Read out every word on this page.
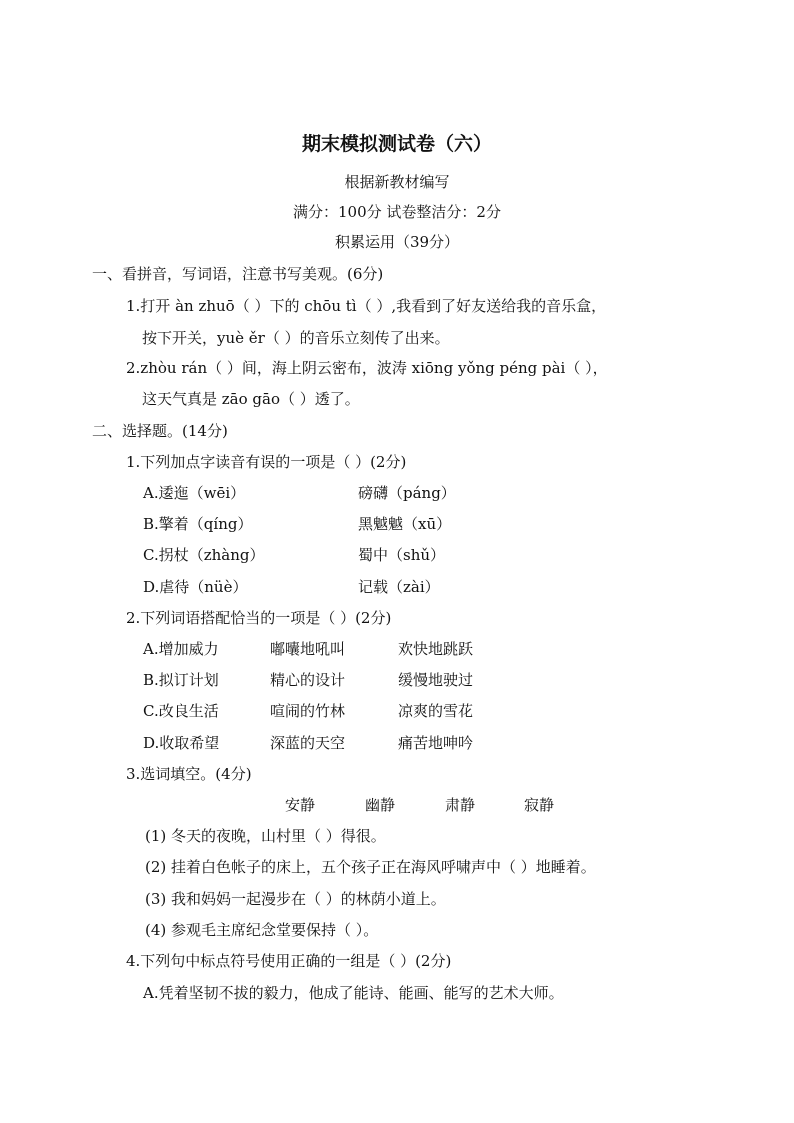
期末模拟测试卷（六）
根据新教材编写
满分：100分 试卷整洁分：2分
积累运用（39分）
一、看拼音，写词语，注意书写美观。(6分)
1.打开 àn zhuō（ ）下的 chōu tì（ ）,我看到了好友送给我的音乐盒，
按下开关，yuè ěr（ ）的音乐立刻传了出来。
2.zhòu rán（ ）间，海上阴云密布，波涛 xiōng yǒng péng pài（ ），
这天气真是 zāo gāo（ ）透了。
二、选择题。(14分)
1.下列加点字读音有误的一项是（ ）(2分)
A.逶迤（wēi）	磅礴（páng）
B.擎着（qíng）	黑魆魆（xū）
C.拐杖（zhàng）	蜀中（shǔ）
D.虐待（nüè）	记载（zài）
2.下列词语搭配恰当的一项是（ ）(2分)
A.增加威力	嘟囔地吼叫	欢快地跳跃
B.拟订计划	精心的设计	缓慢地驶过
C.改良生活	喧闹的竹林	凉爽的雪花
D.收取希望	深蓝的天空	痛苦地呻吟
3.选词填空。(4分)
安静	幽静	肃静	寂静
(1) 冬天的夜晚，山村里（ ）得很。
(2) 挂着白色帐子的床上，五个孩子正在海风呼啸声中（ ）地睡着。
(3) 我和妈妈一起漫步在（ ）的林荫小道上。
(4) 参观毛主席纪念堂要保持（ ）。
4.下列句中标点符号使用正确的一组是（ ）(2分)
A.凭着坚韧不拔的毅力，他成了能诗、能画、能写的艺术大师。
